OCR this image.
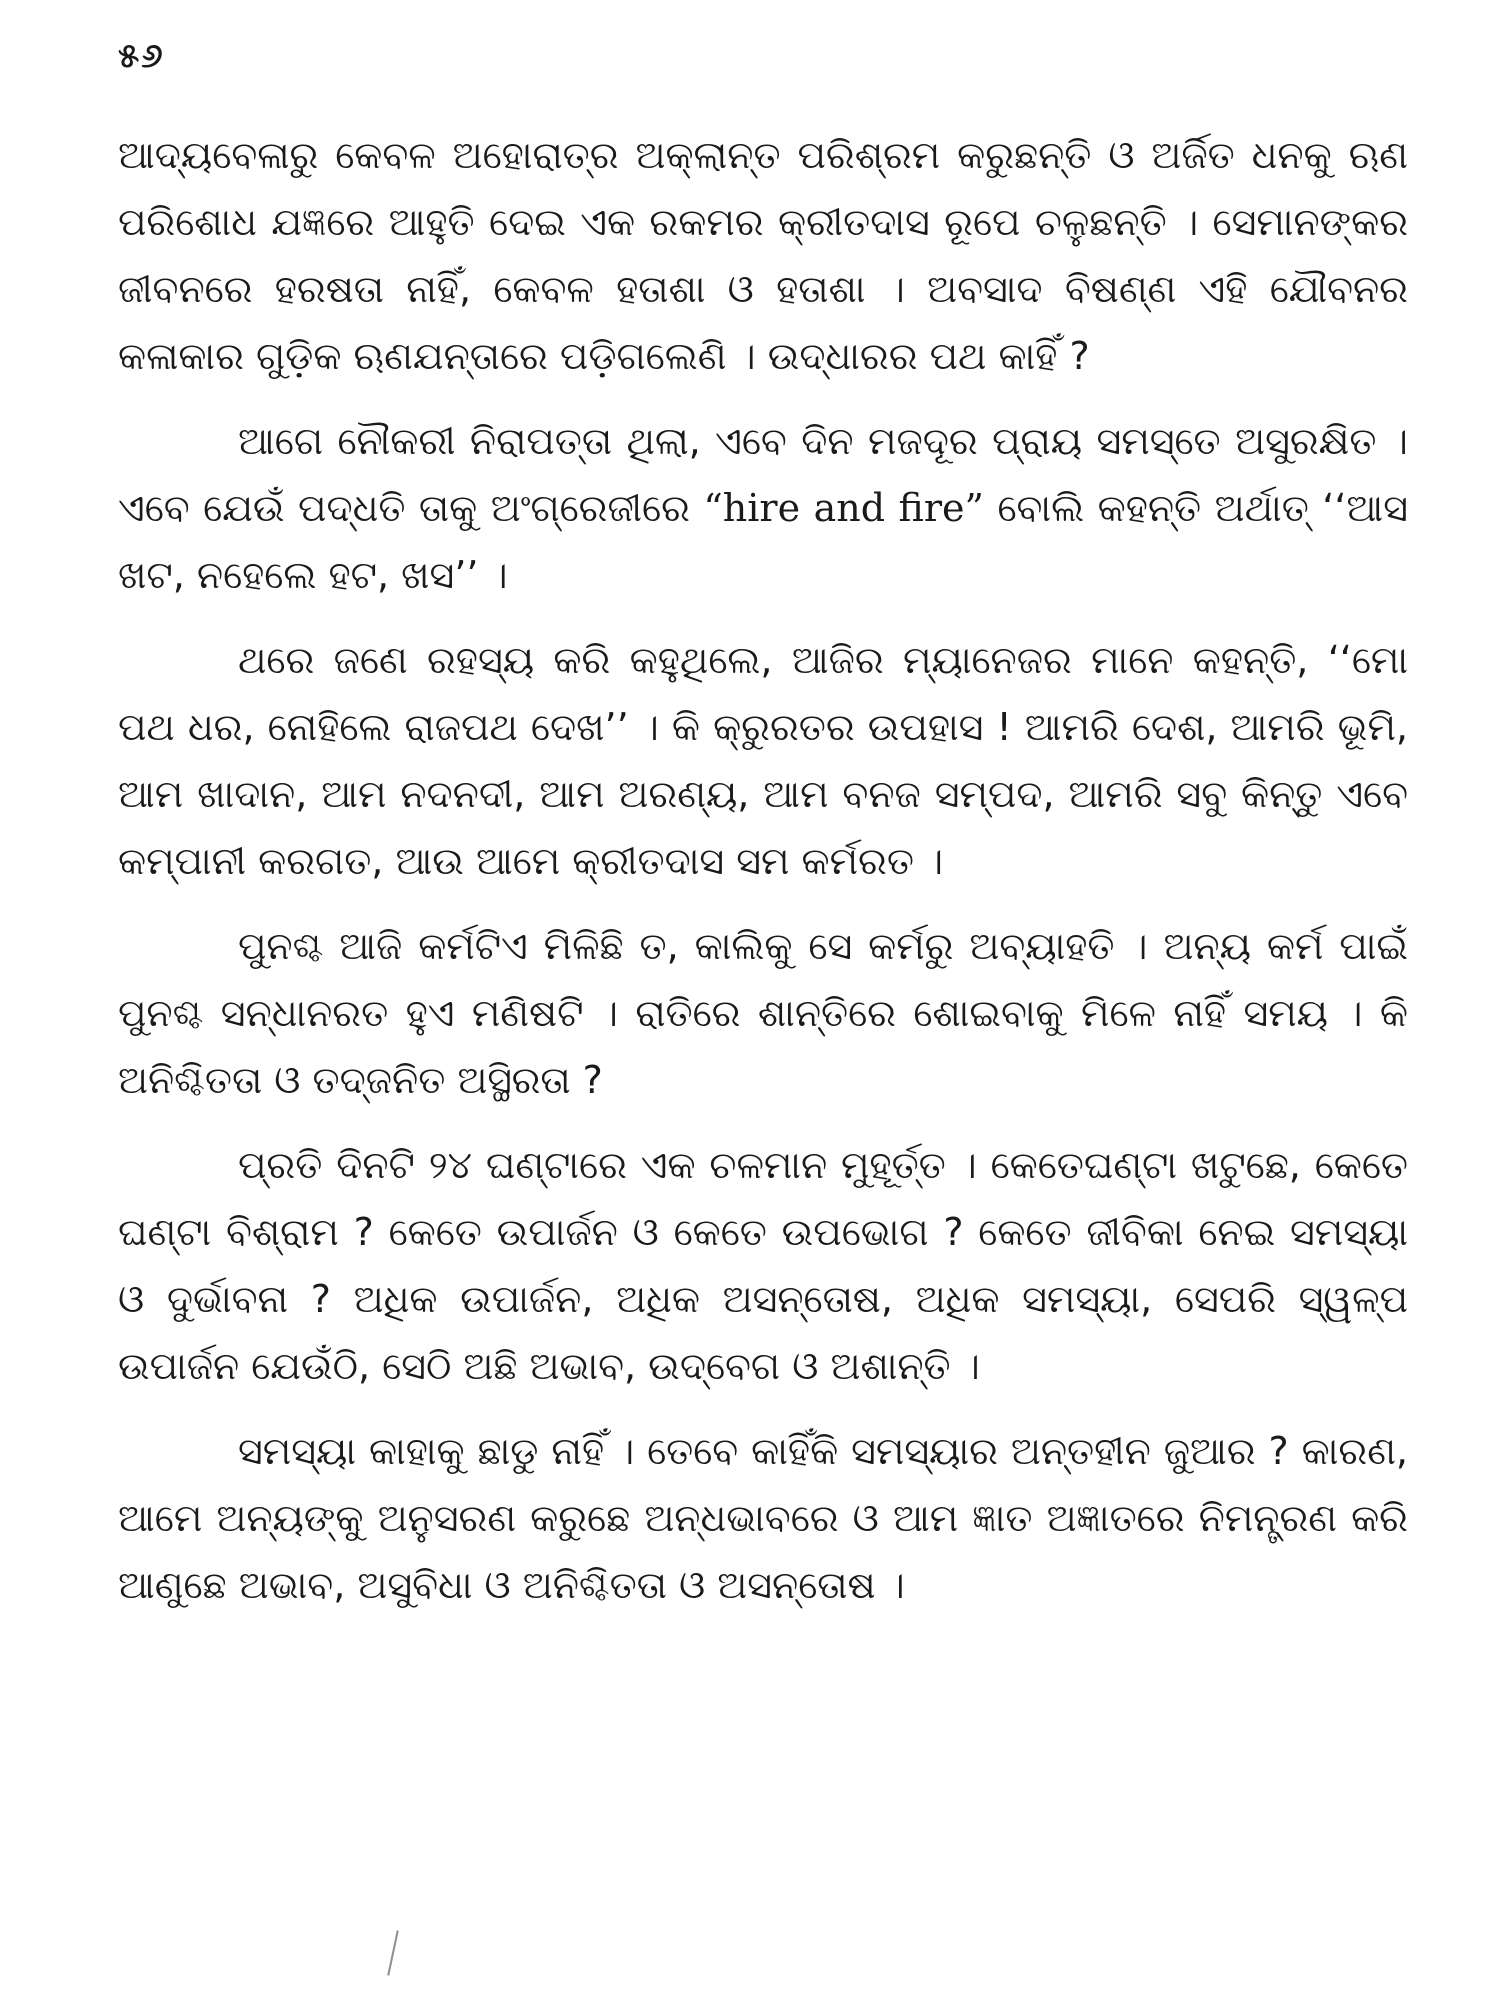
୫୬

ଆଦ୍ୟବେଳାରୁ କେବଳ ଅହୋରାତ୍ର ଅକ୍ଲାନ୍ତ ପରିଶ୍ରମ କରୁଛନ୍ତି ଓ ଅର୍ଜିତ ଧନକୁ ଋଣ ପରିଶୋଧ ଯଜ୍ଞରେ ଆହୁତି ଦେଇ ଏକ ରକମର କ୍ରୀତଦାସ ରୂପେ ଚଳୁଛନ୍ତି । ସେମାନଙ୍କର ଜୀବନରେ ହରଷତା ନାହିଁ, କେବଳ ହତାଶା ଓ ହତାଶା । ଅବସାଦ ବିଷଣ୍ଣ ଏହି ଯୌବନର କଳାକାର ଗୁଡ଼ିକ ଋଣଯନ୍ତାରେ ପଡ଼ିଗଲେଣି । ଉଦ୍ଧାରର ପଥ କାହିଁ ?

ଆଗେ ନୌକରୀ ନିରାପତ୍ତା ଥିଲା, ଏବେ ଦିନ ମଜଦୂର ପ୍ରାୟ ସମସ୍ତେ ଅସୁରକ୍ଷିତ । ଏବେ ଯେଉଁ ପଦ୍ଧତି ତାକୁ ଅଂଗ୍ରେଜୀରେ “hire and fire” ବୋଲି କହନ୍ତି ଅର୍ଥାତ୍ ‘‘ଆସ ଖଟ, ନହେଲେ ହଟ, ଖସ’’ ।

ଥରେ ଜଣେ ରହସ୍ୟ କରି କହୁଥିଲେ, ଆଜିର ମ୍ୟାନେଜର ମାନେ କହନ୍ତି, ‘‘ମୋ ପଥ ଧର, ନୋହିଲେ ରାଜପଥ ଦେଖ’’ । କି କ୍ରୁରତର ଉପହାସ ! ଆମରି ଦେଶ, ଆମରି ଭୂମି, ଆମ ଖାଦାନ, ଆମ ନଦନଦୀ, ଆମ ଅରଣ୍ୟ, ଆମ ବନଜ ସମ୍ପଦ, ଆମରି ସବୁ କିନ୍ତୁ ଏବେ କମ୍ପାନୀ କରଗତ, ଆଉ ଆମେ କ୍ରୀତଦାସ ସମ କର୍ମରତ ।

ପୁନଶ୍ଚ ଆଜି କର୍ମଟିଏ ମିଳିଛି ତ, କାଲିକୁ ସେ କର୍ମରୁ ଅବ୍ୟାହତି । ଅନ୍ୟ କର୍ମ ପାଇଁ ପୁନଶ୍ଚ ସନ୍ଧାନରତ ହୁଏ ମଣିଷଟି । ରାତିରେ ଶାନ୍ତିରେ ଶୋଇବାକୁ ମିଳେ ନାହିଁ ସମୟ । କି ଅନିଶ୍ଚିତତା ଓ ତଦ୍‌ଜନିତ ଅସ୍ଥିରତା ?

ପ୍ରତି ଦିନଟି ୨୪ ଘଣ୍ଟାରେ ଏକ ଚଳମାନ ମୁହୂର୍ତ୍ତ । କେତେଘଣ୍ଟା ଖଟୁଛେ, କେତେ ଘଣ୍ଟା ବିଶ୍ରାମ ? କେତେ ଉପାର୍ଜନ ଓ କେତେ ଉପଭୋଗ ? କେତେ ଜୀବିକା ନେଇ ସମସ୍ୟା ଓ ଦୁର୍ଭାବନା ? ଅଧିକ ଉପାର୍ଜନ, ଅଧିକ ଅସନ୍ତୋଷ, ଅଧିକ ସମସ୍ୟା, ସେପରି ସ୍ୱଳ୍ପ ଉପାର୍ଜନ ଯେଉଁଠି, ସେଠି ଅଛି ଅଭାବ, ଉଦ୍‌ବେଗ ଓ ଅଶାନ୍ତି ।

ସମସ୍ୟା କାହାକୁ ଛାଡୁ ନାହିଁ । ତେବେ କାହିଁକି ସମସ୍ୟାର ଅନ୍ତହୀନ ଜୁଆର ? କାରଣ, ଆମେ ଅନ୍ୟଙ୍କୁ ଅନୁସରଣ କରୁଛେ ଅନ୍ଧଭାବରେ ଓ ଆମ ଜ୍ଞାତ ଅଜ୍ଞାତରେ ନିମନ୍ତ୍ରଣ କରି ଆଣୁଛେ ଅଭାବ, ଅସୁବିଧା ଓ ଅନିଶ୍ଚିତତା ଓ ଅସନ୍ତୋଷ ।
